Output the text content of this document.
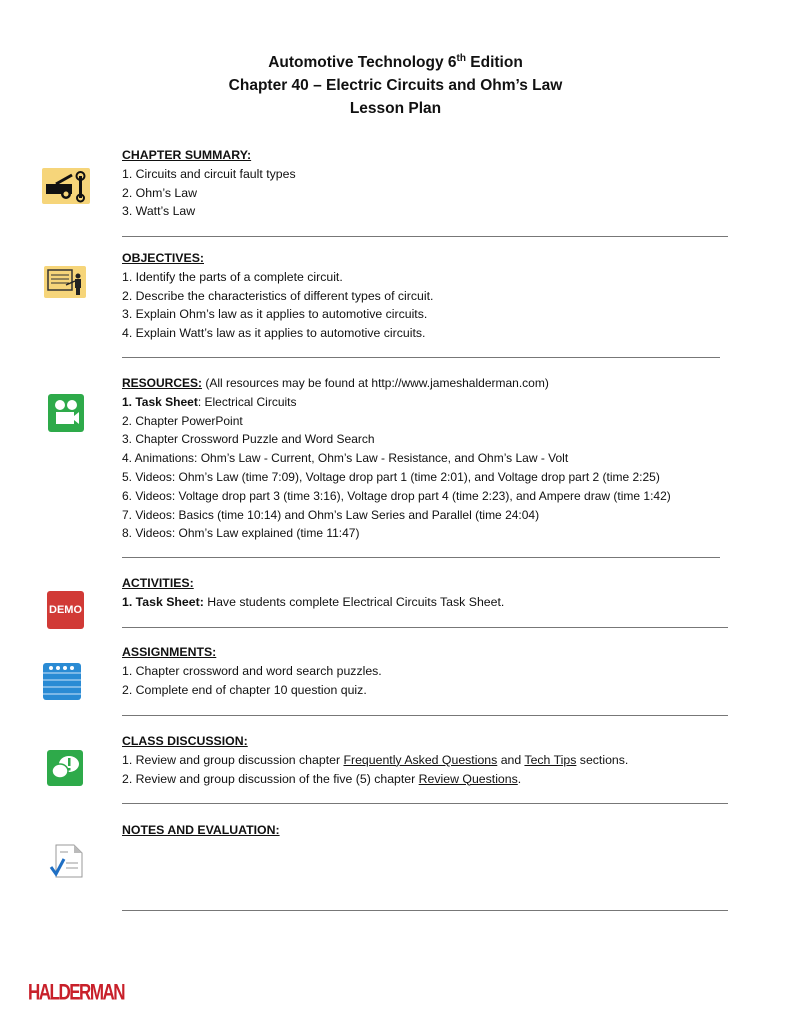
Automotive Technology 6th Edition
Chapter 40 – Electric Circuits and Ohm’s Law
Lesson Plan
CHAPTER SUMMARY:
1. Circuits and circuit fault types
2. Ohm’s Law
3. Watt’s Law
OBJECTIVES:
1. Identify the parts of a complete circuit.
2. Describe the characteristics of different types of circuit.
3. Explain Ohm’s law as it applies to automotive circuits.
4. Explain Watt’s law as it applies to automotive circuits.
RESOURCES: (All resources may be found at http://www.jameshalderman.com)
1. Task Sheet: Electrical Circuits
2. Chapter PowerPoint
3. Chapter Crossword Puzzle and Word Search
4. Animations: Ohm’s Law - Current, Ohm’s Law - Resistance, and Ohm’s Law - Volt
5. Videos: Ohm’s Law (time 7:09), Voltage drop part 1 (time 2:01), and Voltage drop part 2 (time 2:25)
6. Videos: Voltage drop part 3 (time 3:16), Voltage drop part 4 (time 2:23), and Ampere draw (time 1:42)
7. Videos: Basics (time 10:14) and Ohm’s Law Series and Parallel (time 24:04)
8. Videos: Ohm’s Law explained (time 11:47)
DEMO
ACTIVITIES:
1. Task Sheet: Have students complete Electrical Circuits Task Sheet.
ASSIGNMENTS:
1. Chapter crossword and word search puzzles.
2. Complete end of chapter 10 question quiz.
CLASS DISCUSSION:
1. Review and group discussion chapter Frequently Asked Questions and Tech Tips sections.
2. Review and group discussion of the five (5) chapter Review Questions.
NOTES AND EVALUATION:
HALDERMAN
